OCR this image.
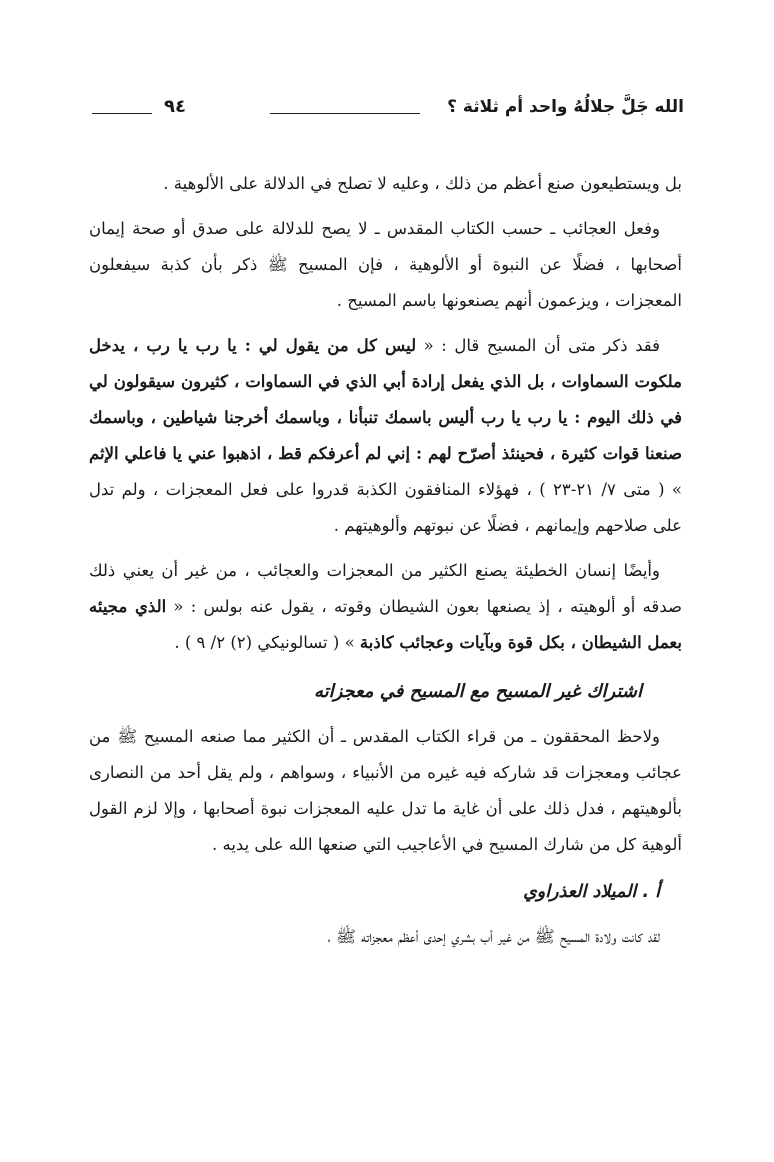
الله جَلَّ جلالُهُ واحد أم ثلاثة ؟
٩٤

بل ويستطيعون صنع أعظم من ذلك ، وعليه لا تصلح في الدلالة على الألوهية .

وفعل العجائب ـ حسب الكتاب المقدس ـ لا يصح للدلالة على صدق أو صحة إيمان أصحابها ، فضلًا عن النبوة أو الألوهية ، فإن المسيح ﷺ ذكر بأن كذبة سيفعلون المعجزات ، ويزعمون أنهم يصنعونها باسم المسيح .

فقد ذكر متى أن المسيح قال : « ليس كل من يقول لي : يا رب يا رب ، يدخل ملكوت السماوات ، بل الذي يفعل إرادة أبي الذي في السماوات ، كثيرون سيقولون لي في ذلك اليوم : يا رب يا رب أليس باسمك تنبأنا ، وباسمك أخرجنا شياطين ، وباسمك صنعنا قوات كثيرة ، فحينئذ أصرّح لهم : إني لم أعرفكم قط ، اذهبوا عني يا فاعلي الإثم » ( متى ٧/ ٢١-٢٣ ) ، فهؤلاء المنافقون الكذبة قدروا على فعل المعجزات ، ولم تدل على صلاحهم وإيمانهم ، فضلًا عن نبوتهم وألوهيتهم .

وأيضًا إنسان الخطيئة يصنع الكثير من المعجزات والعجائب ، من غير أن يعني ذلك صدقه أو ألوهيته ، إذ يصنعها بعون الشيطان وقوته ، يقول عنه بولس : « الذي مجيئه بعمل الشيطان ، بكل قوة وبآيات وعجائب كاذبة » ( تسالونيكي (٢) ٢/ ٩ ) .

اشتراك غير المسيح مع المسيح في معجزاته

ولاحظ المحققون ـ من قراء الكتاب المقدس ـ أن الكثير مما صنعه المسيح ﷺ من عجائب ومعجزات قد شاركه فيه غيره من الأنبياء ، وسواهم ، ولم يقل أحد من النصارى بألوهيتهم ، فدل ذلك على أن غاية ما تدل عليه المعجزات نبوة أصحابها ، وإلا لزم القول ألوهية كل من شارك المسيح في الأعاجيب التي صنعها الله على يديه .

أ . الميلاد العذراوي

لقد كانت ولادة المسيح ﷺ من غير أب بشري إحدى أعظم معجزاته ﷺ ،
